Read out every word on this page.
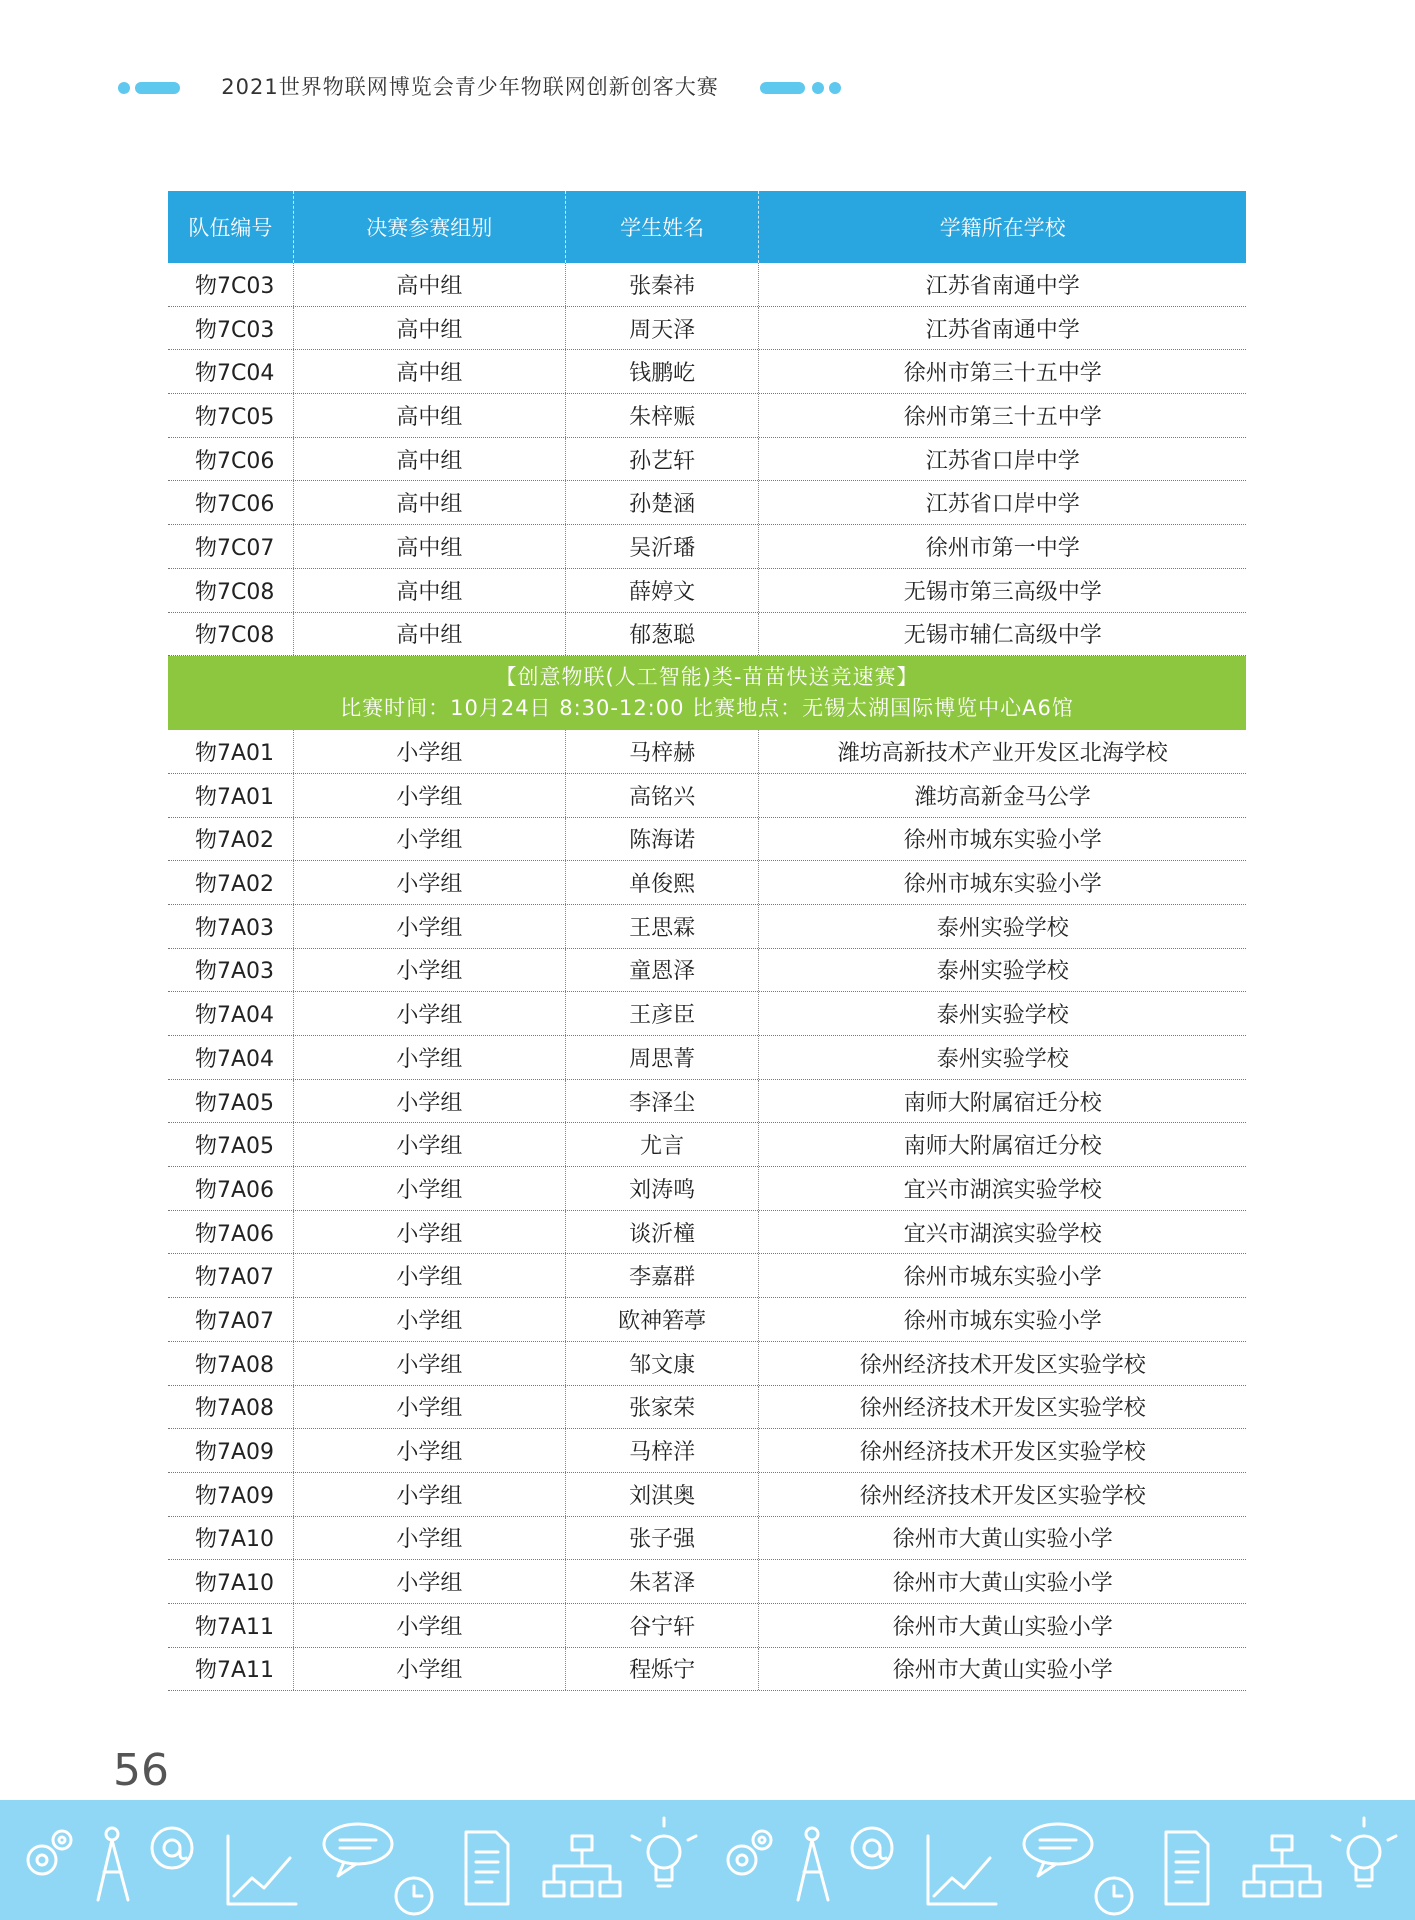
2021世界物联网博览会青少年物联网创新创客大赛
队伍编号	决赛参赛组别	学生姓名	学籍所在学校
物7C03	高中组	张秦祎	江苏省南通中学
物7C03	高中组	周天泽	江苏省南通中学
物7C04	高中组	钱鹏屹	徐州市第三十五中学
物7C05	高中组	朱梓赈	徐州市第三十五中学
物7C06	高中组	孙艺轩	江苏省口岸中学
物7C06	高中组	孙楚涵	江苏省口岸中学
物7C07	高中组	吴沂璠	徐州市第一中学
物7C08	高中组	薛婷文	无锡市第三高级中学
物7C08	高中组	郁葱聪	无锡市辅仁高级中学
【创意物联(人工智能)类-苗苗快送竞速赛】
比赛时间：10月24日 8:30-12:00 比赛地点：无锡太湖国际博览中心A6馆
物7A01	小学组	马梓赫	潍坊高新技术产业开发区北海学校
物7A01	小学组	高铭兴	潍坊高新金马公学
物7A02	小学组	陈海诺	徐州市城东实验小学
物7A02	小学组	单俊熙	徐州市城东实验小学
物7A03	小学组	王思霖	泰州实验学校
物7A03	小学组	童恩泽	泰州实验学校
物7A04	小学组	王彦臣	泰州实验学校
物7A04	小学组	周思菁	泰州实验学校
物7A05	小学组	李泽尘	南师大附属宿迁分校
物7A05	小学组	尤言	南师大附属宿迁分校
物7A06	小学组	刘涛鸣	宜兴市湖滨实验学校
物7A06	小学组	谈沂橦	宜兴市湖滨实验学校
物7A07	小学组	李嘉群	徐州市城东实验小学
物7A07	小学组	欧神箬葶	徐州市城东实验小学
物7A08	小学组	邹文康	徐州经济技术开发区实验学校
物7A08	小学组	张家荣	徐州经济技术开发区实验学校
物7A09	小学组	马梓洋	徐州经济技术开发区实验学校
物7A09	小学组	刘淇奥	徐州经济技术开发区实验学校
物7A10	小学组	张子强	徐州市大黄山实验小学
物7A10	小学组	朱茗泽	徐州市大黄山实验小学
物7A11	小学组	谷宁轩	徐州市大黄山实验小学
物7A11	小学组	程烁宁	徐州市大黄山实验小学
56
